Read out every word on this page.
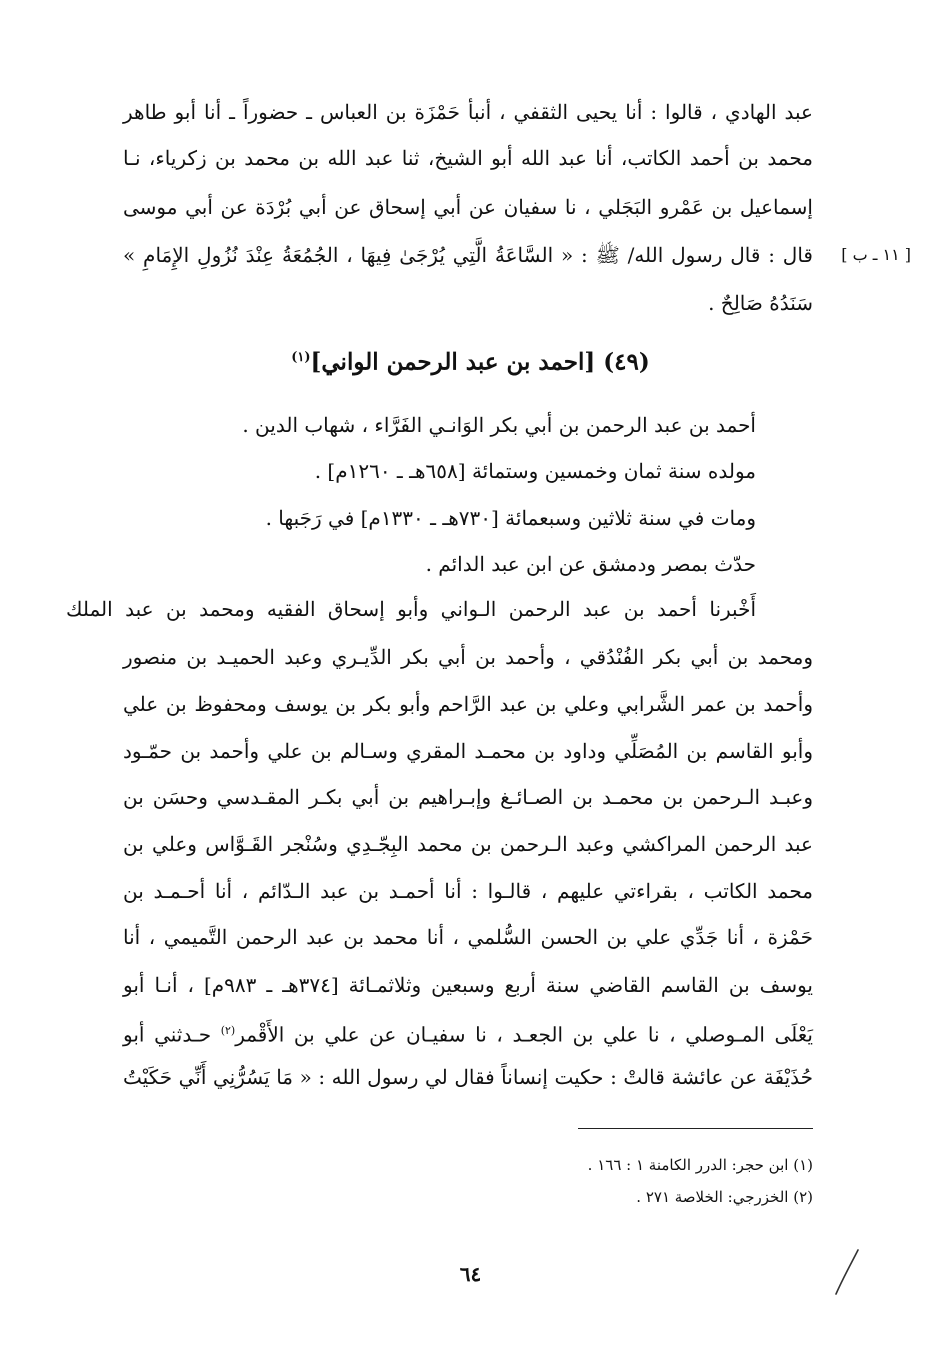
عبد الهادي ، قالوا : أنا يحيى الثقفي ، أنبأ حَمْزَة بن العباس ـ حضوراً ـ أنا أبو طاهر
محمد بن أحمد الكاتب، أنا عبد الله أبو الشيخ، ثنا عبد الله بن محمد بن زكرياء، نـا
إسماعيل بن عَمْرو البَجَلي ، نا سفيان عن أبي إسحاق عن أبي بُرْدَة عن أبي موسى
قال : قال رسول الله/ ﷺ : « السَّاعَةُ الَّتِي يُرْجَىٰ فِيهَا ، الجُمُعَةُ عِنْدَ نُزُولِ الإِمَامِ »
سَنَدُهُ صَالِحٌ .
[ ١١ ـ ب ]
(٤٩) [احمد بن عبد الرحمن الواني]$^{(١)}$
أحمد بن عبد الرحمن بن أبي بكر الوَانـي الفَرَّاء ، شهاب الدين .
مولده سنة ثمان وخمسين وستمائة [٦٥٨هـ ـ ١٢٦٠م] .
ومات في سنة ثلاثين وسبعمائة [٧٣٠هـ ـ ١٣٣٠م] في رَجَبها .
حدّث بمصر ودمشق عن ابن عبد الدائم .
أَخْبرنا أحمد بن عبد الرحمن الـواني وأبو إسحاق الفقيه ومحمد بن عبد الملك
ومحمد بن أبي بكر الفُنْدُقي ، وأحمد بن أبي بكر الدِّيـري وعبد الحميـد بن منصور
وأحمد بن عمر الشَّرابي وعلي بن عبد الرَّاحم وأبو بكر بن يوسف ومحفوظ بن علي
وأبو القاسم بن المُصَلِّي وداود بن محمـد المقري وسـالم بن علي وأحمد بن حمّـود
وعبـد الـرحمن بن محمـد بن الصـائـغ وإبـراهيم بن أبي بكـر المقـدسي وحسَن بن
عبد الرحمن المراكشي وعبد الـرحمن بن محمد البِجّـدِي وسُنْجر القَـوَّاس وعلي بن
محمد الكاتب ، بقراءتي عليهم ، قالـوا : أنا أحمـد بن عبد الـدّائم ، أنا أحـمـد بن
حَمْزة ، أنا جَدِّي علي بن الحسن السُّلمي ، أنا محمد بن عبد الرحمن التَّميمي ، أنا
يوسف بن القاسم القاضي سنة أربع وسبعين وثلاثمـائة [٣٧٤هـ ـ ٩٨٣م] ، أنـا أبو
يَعْلَى المـوصلي ، نا علي بن الجعـد ، نا سفيـان عن علي بن الأَقْمر$^{(٢)}$ حـدثني أبو
حُذَيْفَة عن عائشة قالتْ : حكيت إنساناً فقال لي رسول الله : « مَا يَسُرُّنِي أَنِّي حَكَيْتُ
(١) ابن حجر: الدرر الكامنة ١ : ١٦٦ .
(٢) الخزرجي: الخلاصة ٢٧١ .
٦٤
